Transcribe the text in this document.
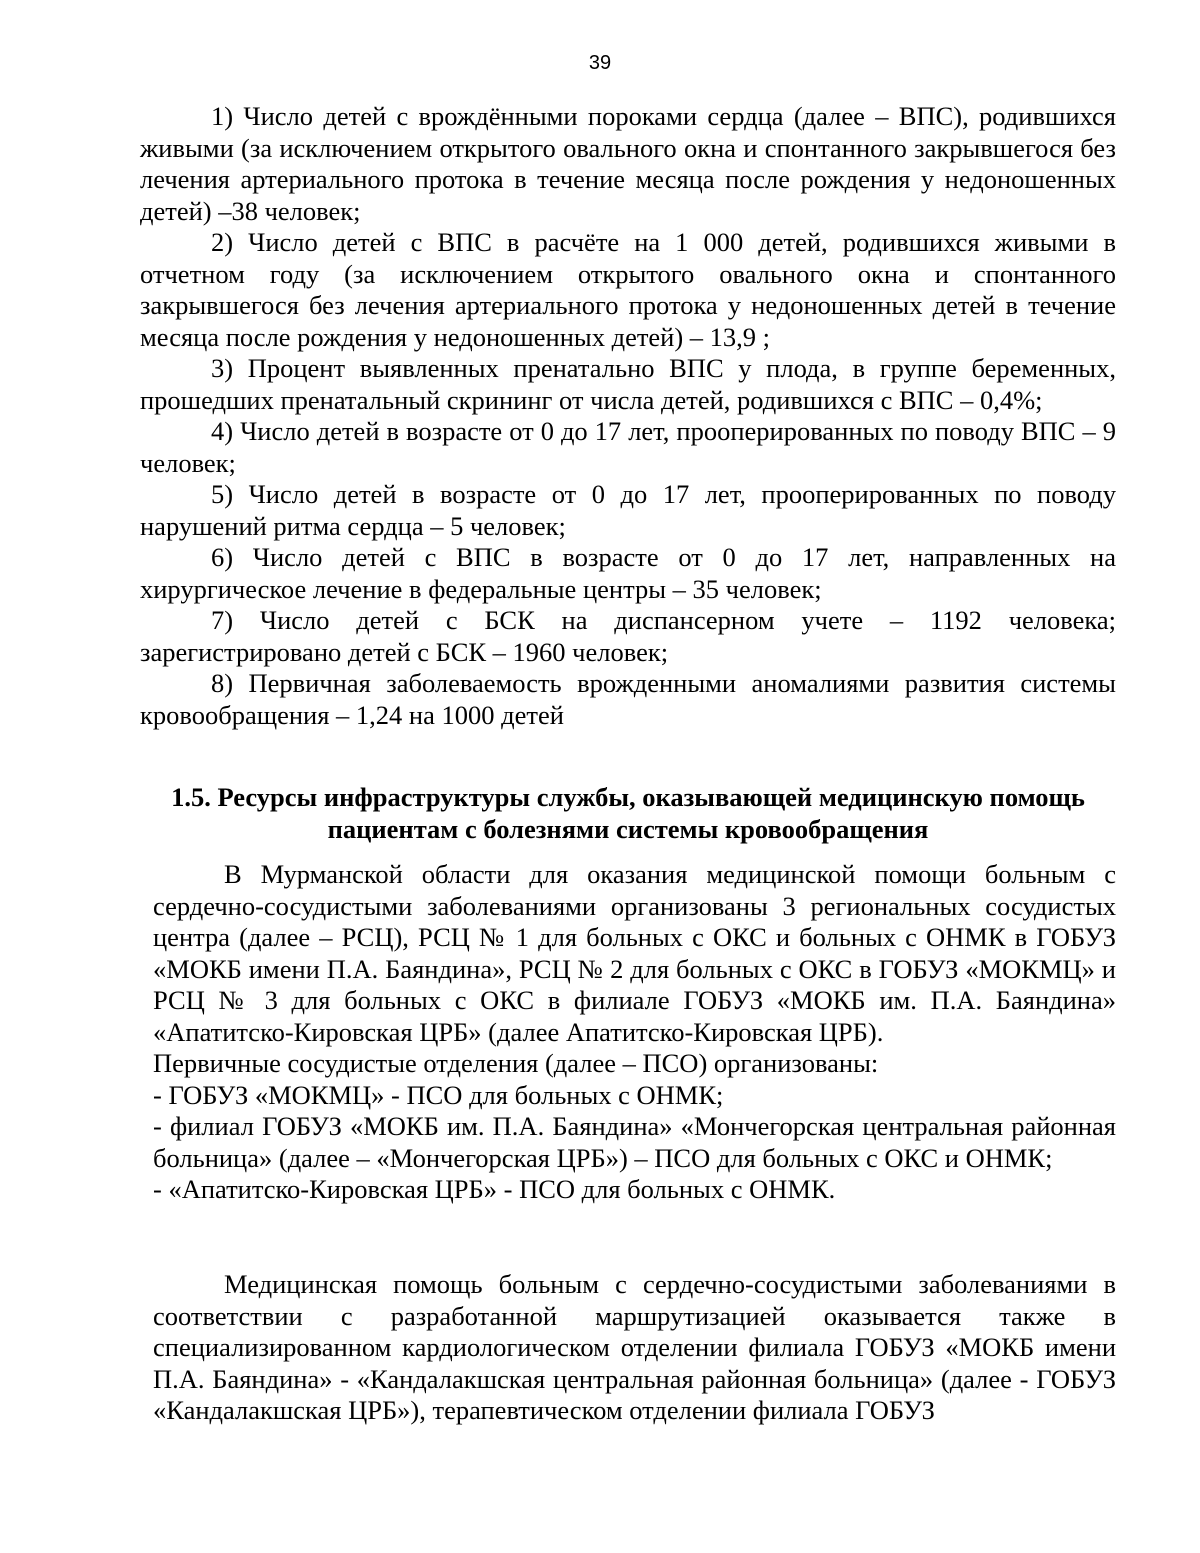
39

1) Число детей с врождёнными пороками сердца (далее – ВПС), родившихся живыми (за исключением открытого овального окна и спонтанного закрывшегося без лечения артериального протока в течение месяца после рождения у недоношенных детей) –38 человек;

2) Число детей с ВПС в расчёте на 1 000 детей, родившихся живыми в отчетном году (за исключением открытого овального окна и спонтанного закрывшегося без лечения артериального протока у недоношенных детей в течение месяца после рождения у недоношенных детей) – 13,9 ;

3) Процент выявленных пренатально ВПС у плода, в группе беременных, прошедших пренатальный скрининг от числа детей, родившихся с ВПС – 0,4%;

4) Число детей в возрасте от 0 до 17 лет, прооперированных по поводу ВПС – 9 человек;

5) Число детей в возрасте от 0 до 17 лет, прооперированных по поводу нарушений ритма сердца – 5 человек;

6) Число детей с ВПС в возрасте от 0 до 17 лет, направленных на хирургическое лечение в федеральные центры – 35 человек;

7) Число детей с БСК на диспансерном учете – 1192 человека; зарегистрировано детей с БСК – 1960 человек;

8) Первичная заболеваемость врожденными аномалиями развития системы кровообращения – 1,24 на 1000 детей

1.5. Ресурсы инфраструктуры службы, оказывающей медицинскую помощь пациентам с болезнями системы кровообращения

В Мурманской области для оказания медицинской помощи больным с сердечно-сосудистыми заболеваниями организованы 3 региональных сосудистых центра (далее – РСЦ), РСЦ № 1 для больных с ОКС и больных с ОНМК в ГОБУЗ «МОКБ имени П.А. Баяндина», РСЦ № 2 для больных с ОКС в ГОБУЗ «МОКМЦ» и РСЦ № 3 для больных с ОКС в филиале ГОБУЗ «МОКБ им. П.А. Баяндина» «Апатитско-Кировская ЦРБ» (далее Апатитско-Кировская ЦРБ).

Первичные сосудистые отделения (далее – ПСО) организованы:

- ГОБУЗ «МОКМЦ» - ПСО для больных с ОНМК;

- филиал ГОБУЗ «МОКБ им. П.А. Баяндина» «Мончегорская центральная районная больница» (далее – «Мончегорская ЦРБ») – ПСО для больных с ОКС и ОНМК;

- «Апатитско-Кировская ЦРБ» - ПСО для больных с ОНМК.

Медицинская помощь больным с сердечно-сосудистыми заболеваниями в соответствии с разработанной маршрутизацией оказывается также в специализированном кардиологическом отделении филиала ГОБУЗ «МОКБ имени П.А. Баяндина» - «Кандалакшская центральная районная больница» (далее - ГОБУЗ «Кандалакшская ЦРБ»), терапевтическом отделении филиала ГОБУЗ
